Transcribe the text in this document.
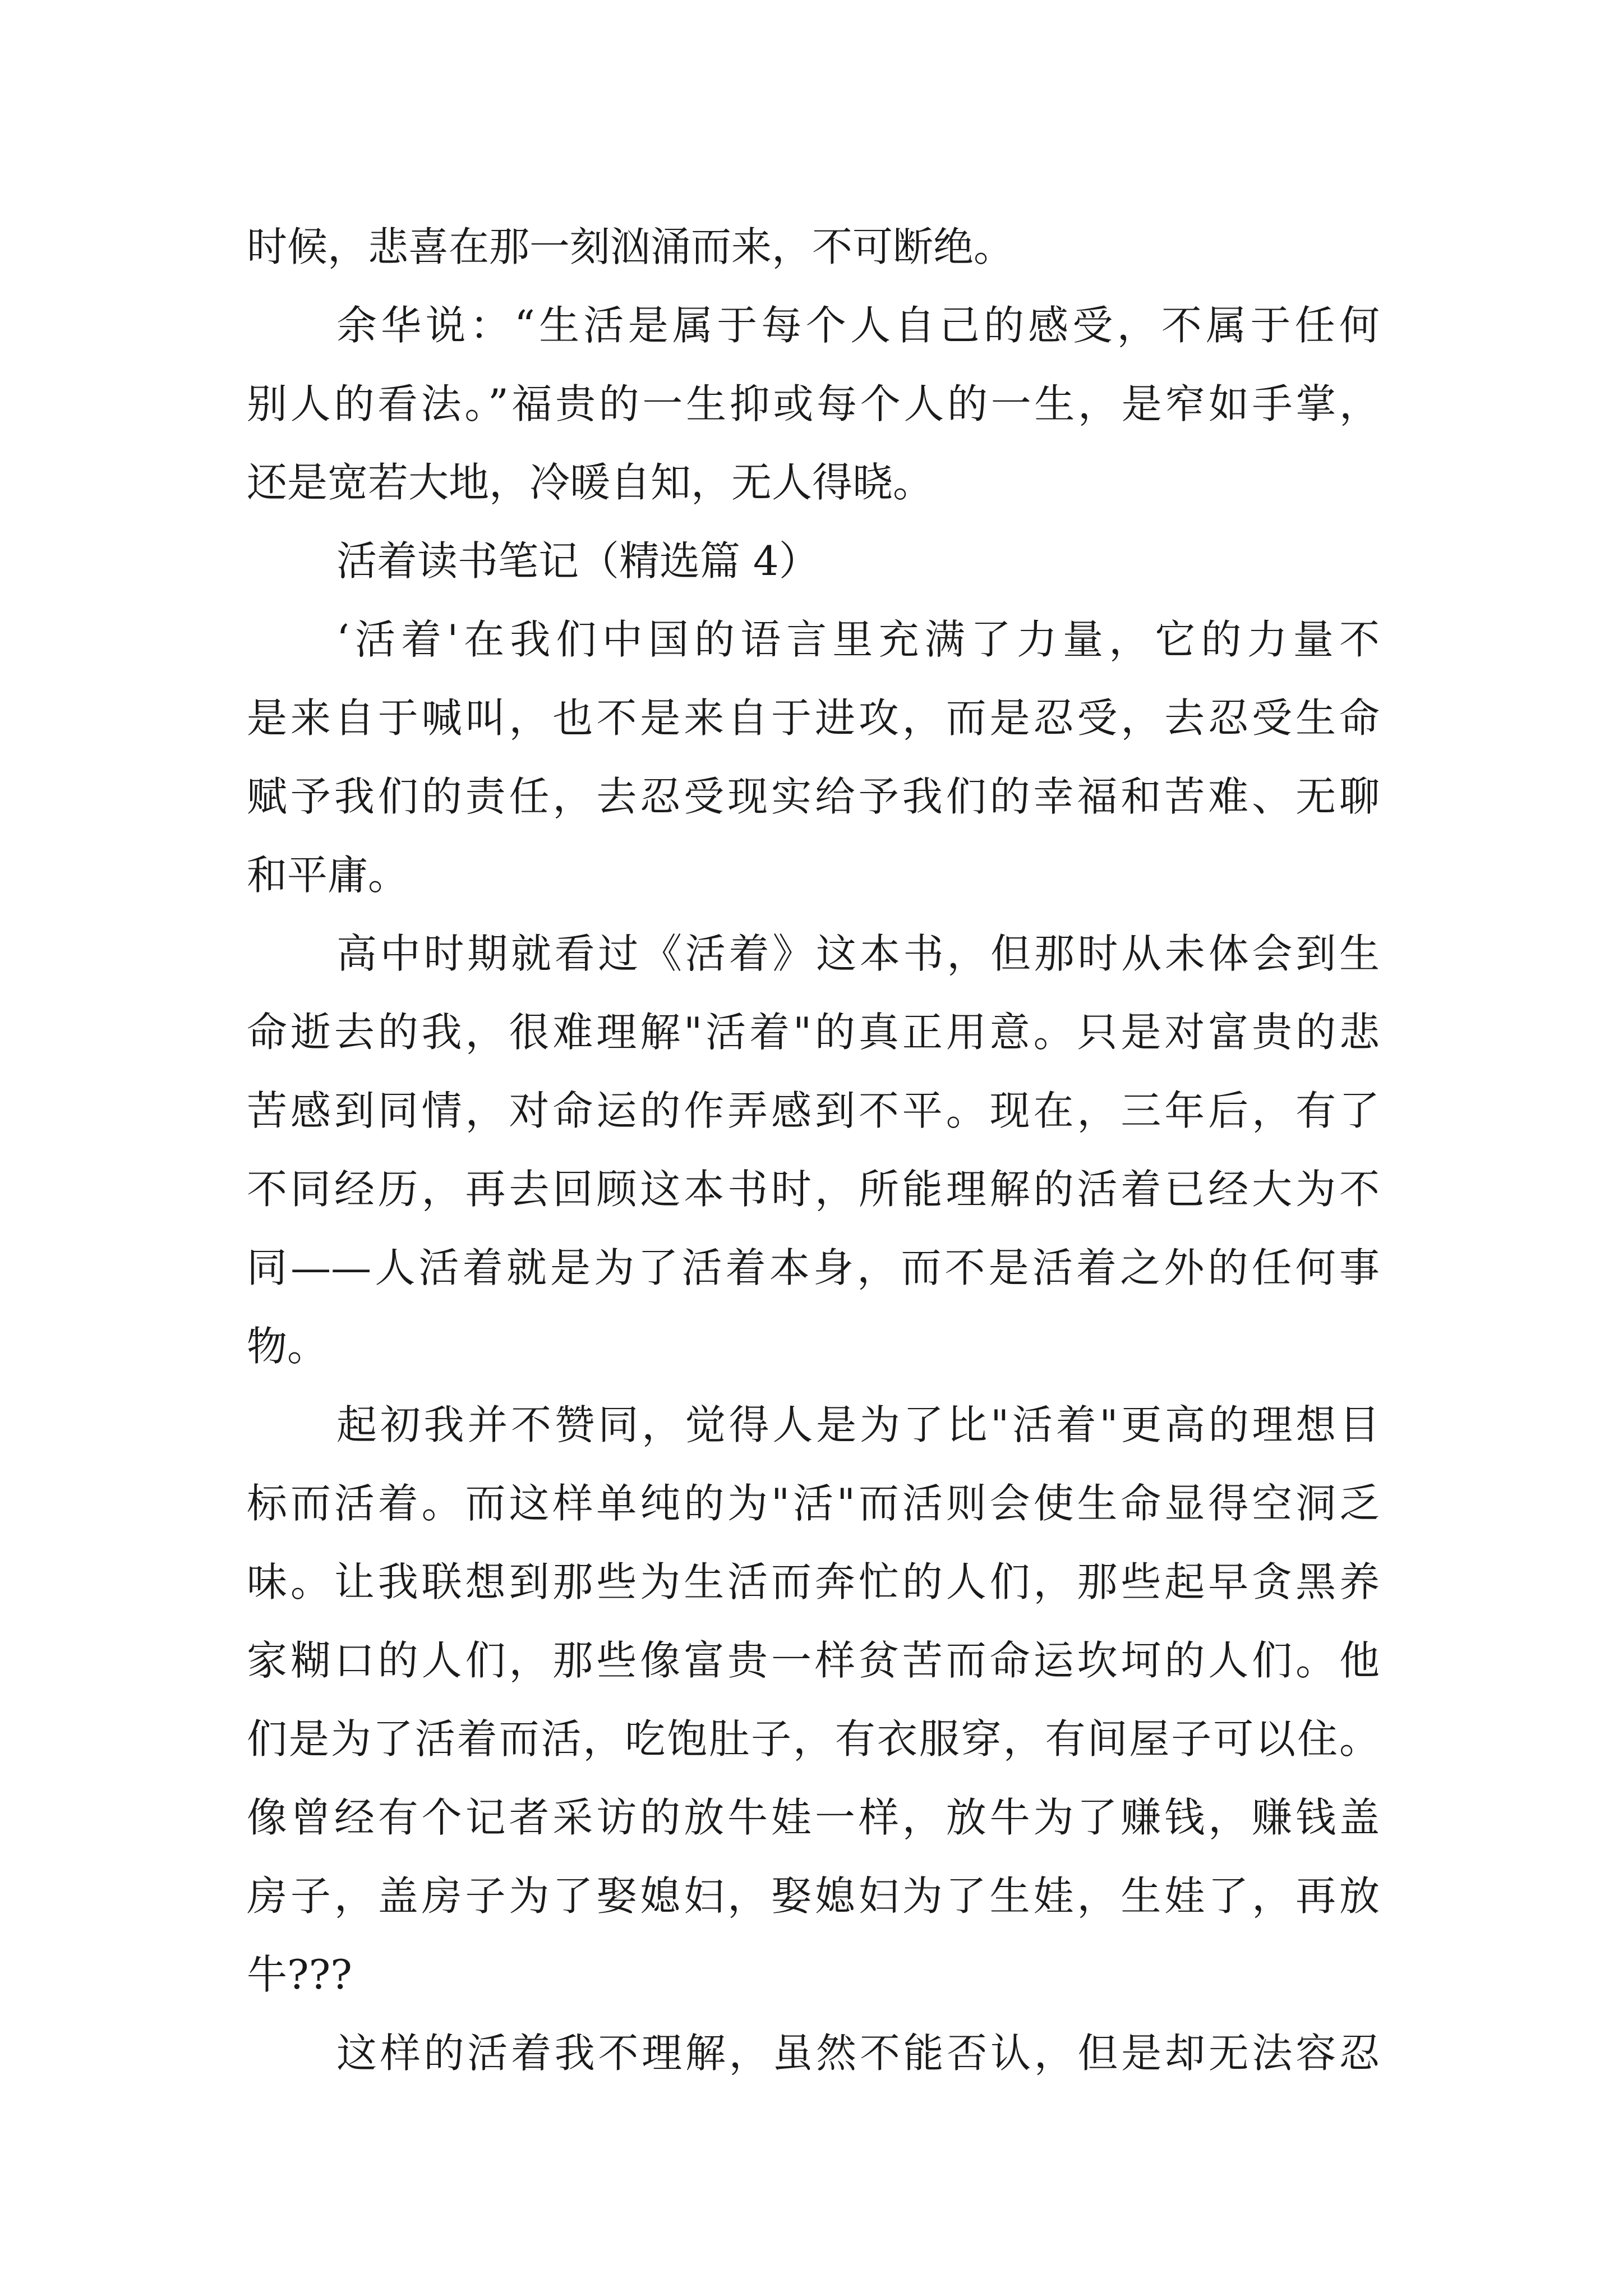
时候，悲喜在那一刻汹涌而来，不可断绝。

余华说：“生活是属于每个人自己的感受，不属于任何

别人的看法。”福贵的一生抑或每个人的一生，是窄如手掌，

还是宽若大地，冷暖自知，无人得晓。

活着读书笔记（精选篇 4）

‘活着'在我们中国的语言里充满了力量，它的力量不

是来自于喊叫，也不是来自于进攻，而是忍受，去忍受生命

赋予我们的责任，去忍受现实给予我们的幸福和苦难、无聊

和平庸。

高中时期就看过《活着》这本书，但那时从未体会到生

命逝去的我，很难理解"活着"的真正用意。只是对富贵的悲

苦感到同情，对命运的作弄感到不平。现在，三年后，有了

不同经历，再去回顾这本书时，所能理解的活着已经大为不

同——人活着就是为了活着本身，而不是活着之外的任何事

物。

起初我并不赞同，觉得人是为了比"活着"更高的理想目

标而活着。而这样单纯的为"活"而活则会使生命显得空洞乏

味。让我联想到那些为生活而奔忙的人们，那些起早贪黑养

家糊口的人们，那些像富贵一样贫苦而命运坎坷的人们。他

们是为了活着而活，吃饱肚子，有衣服穿，有间屋子可以住。

像曾经有个记者采访的放牛娃一样，放牛为了赚钱，赚钱盖

房子，盖房子为了娶媳妇，娶媳妇为了生娃，生娃了，再放

牛???

这样的活着我不理解，虽然不能否认，但是却无法容忍
